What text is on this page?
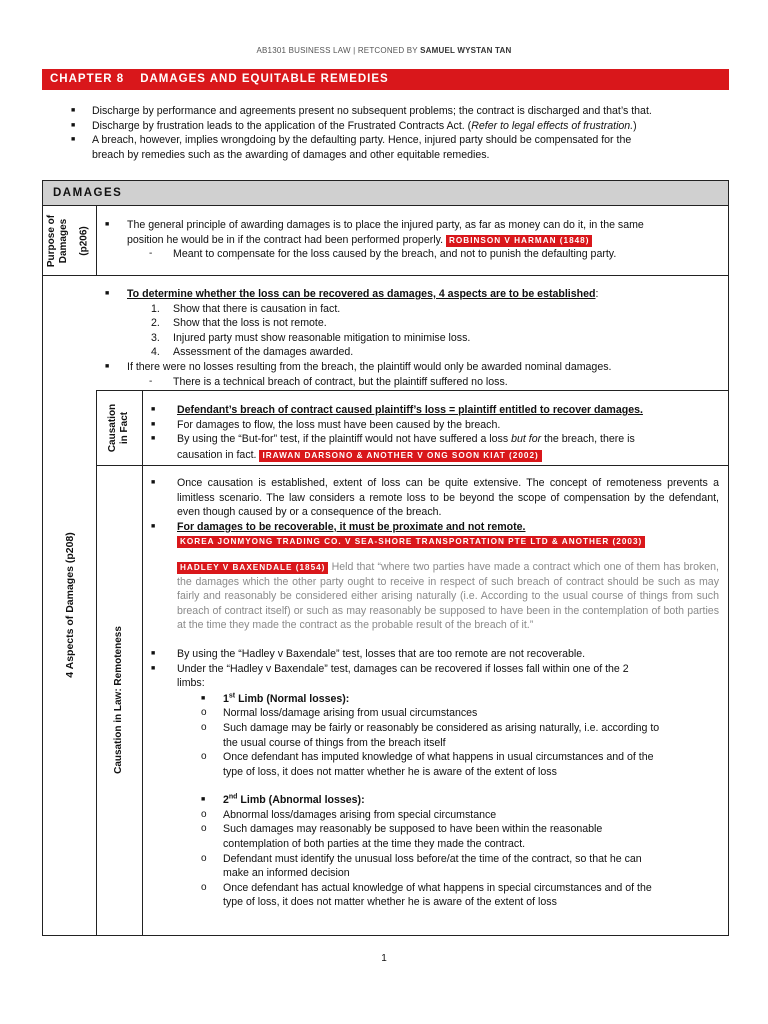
AB1301 BUSINESS LAW | RETCONED BY SAMUEL WYSTAN TAN
CHAPTER 8 DAMAGES AND EQUITABLE REMEDIES
■ Discharge by performance and agreements present no subsequent problems; the contract is discharged and that’s that.
■ Discharge by frustration leads to the application of the Frustrated Contracts Act. (Refer to legal effects of frustration.)
■ A breach, however, implies wrongdoing by the defaulting party. Hence, injured party should be compensated for the
breach by remedies such as the awarding of damages and other equitable remedies.
DAMAGES
Purpose of Damages (p206)
■ The general principle of awarding damages is to place the injured party, as far as money can do it, in the same
position he would be in if the contract had been performed properly. ROBINSON V HARMAN (1848)
- Meant to compensate for the loss caused by the breach, and not to punish the defaulting party.
4 Aspects of Damages (p208)
■ To determine whether the loss can be recovered as damages, 4 aspects are to be established:
1. Show that there is causation in fact.
2. Show that the loss is not remote.
3. Injured party must show reasonable mitigation to minimise loss.
4. Assessment of the damages awarded.
■ If there were no losses resulting from the breach, the plaintiff would only be awarded nominal damages.
- There is a technical breach of contract, but the plaintiff suffered no loss.
Causation in Fact
■ Defendant’s breach of contract caused plaintiff’s loss = plaintiff entitled to recover damages.
■ For damages to flow, the loss must have been caused by the breach.
■ By using the “But-for” test, if the plaintiff would not have suffered a loss but for the breach, there is
causation in fact. IRAWAN DARSONO & ANOTHER V ONG SOON KIAT (2002)
Causation in Law: Remoteness
■ Once causation is established, extent of loss can be quite extensive. The concept of remoteness prevents a limitless scenario. The law considers a remote loss to be beyond the scope of compensation by the defendant, even though caused by or a consequence of the breach.
■ For damages to be recoverable, it must be proximate and not remote.
KOREA JONMYONG TRADING CO. V SEA-SHORE TRANSPORTATION PTE LTD & ANOTHER (2003)
HADLEY V BAXENDALE (1854) Held that “where two parties have made a contract which one of them has broken, the damages which the other party ought to receive in respect of such breach of contract should be such as may fairly and reasonably be considered either arising naturally (i.e. According to the usual course of things from such breach of contract itself) or such as may reasonably be supposed to have been in the contemplation of both parties at the time they made the contract as the probable result of the breach of it.”
■ By using the “Hadley v Baxendale” test, losses that are too remote are not recoverable.
■ Under the “Hadley v Baxendale” test, damages can be recovered if losses fall within one of the 2
limbs:
■ 1st Limb (Normal losses):
o Normal loss/damage arising from usual circumstances
o Such damage may be fairly or reasonably be considered as arising naturally, i.e. according to
the usual course of things from the breach itself
o Once defendant has imputed knowledge of what happens in usual circumstances and of the
type of loss, it does not matter whether he is aware of the extent of loss
■ 2nd Limb (Abnormal losses):
o Abnormal loss/damages arising from special circumstance
o Such damages may reasonably be supposed to have been within the reasonable
contemplation of both parties at the time they made the contract.
o Defendant must identify the unusual loss before/at the time of the contract, so that he can
make an informed decision
o Once defendant has actual knowledge of what happens in special circumstances and of the
type of loss, it does not matter whether he is aware of the extent of loss
1
